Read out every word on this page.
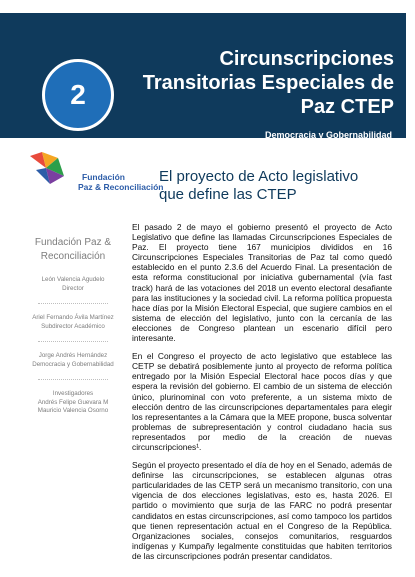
2
Circunscripciones Transitorias Especiales de Paz CTEP
Democracia y Gobernabilidad
Fundación
Paz & Reconciliación
El proyecto de Acto legislativo que define las CTEP
Fundación Paz & Reconciliación
León Valencia Agudelo
Director
Ariel Fernando Ávila Martínez
Subdirector Académico
Jorge Andrés Hernández
Democracia y Gobernabilidad
Investigadores
Andrés Felipe Guevara M
Mauricio Valencia Osorno

El pasado 2 de mayo el gobierno presentó el proyecto de Acto Legislativo que define las llamadas Circunscripciones Especiales de Paz. El proyecto tiene 167 municipios divididos en 16 Circunscripciones Especiales Transitorias de Paz tal como quedó establecido en el punto 2.3.6 del Acuerdo Final. La presentación de esta reforma constitucional por iniciativa gubernamental (vía fast track) hará de las votaciones del 2018 un evento electoral desafiante para las instituciones y la sociedad civil. La reforma política propuesta hace días por la Misión Electoral Especial, que sugiere cambios en el sistema de elección del legislativo, junto con la cercanía de las elecciones de Congreso plantean un escenario difícil pero interesante.

En el Congreso el proyecto de acto legislativo que establece las CETP se debatirá posiblemente junto al proyecto de reforma política entregado por la Misión Especial Electoral hace pocos días y que espera la revisión del gobierno. El cambio de un sistema de elección único, plurinominal con voto preferente, a un sistema mixto de elección dentro de las circunscripciones departamentales para elegir los representantes a la Cámara que la MEE propone, busca solventar problemas de subrepresentación y control ciudadano hacia sus representados por medio de la creación de nuevas circunscripciones¹.

Según el proyecto presentado el día de hoy en el Senado, además de definirse las circunscripciones, se establecen algunas otras particularidades de las CETP será un mecanismo transitorio, con una vigencia de dos elecciones legislativas, esto es, hasta 2026. El partido o movimiento que surja de las FARC no podrá presentar candidatos en estas circunscripciones, así como tampoco los partidos que tienen representación actual en el Congreso de la República. Organizaciones sociales, consejos comunitarios, resguardos indígenas y Kumpañy legalmente constituidas que habiten territorios de las circunscripciones podrán presentar candidatos.
